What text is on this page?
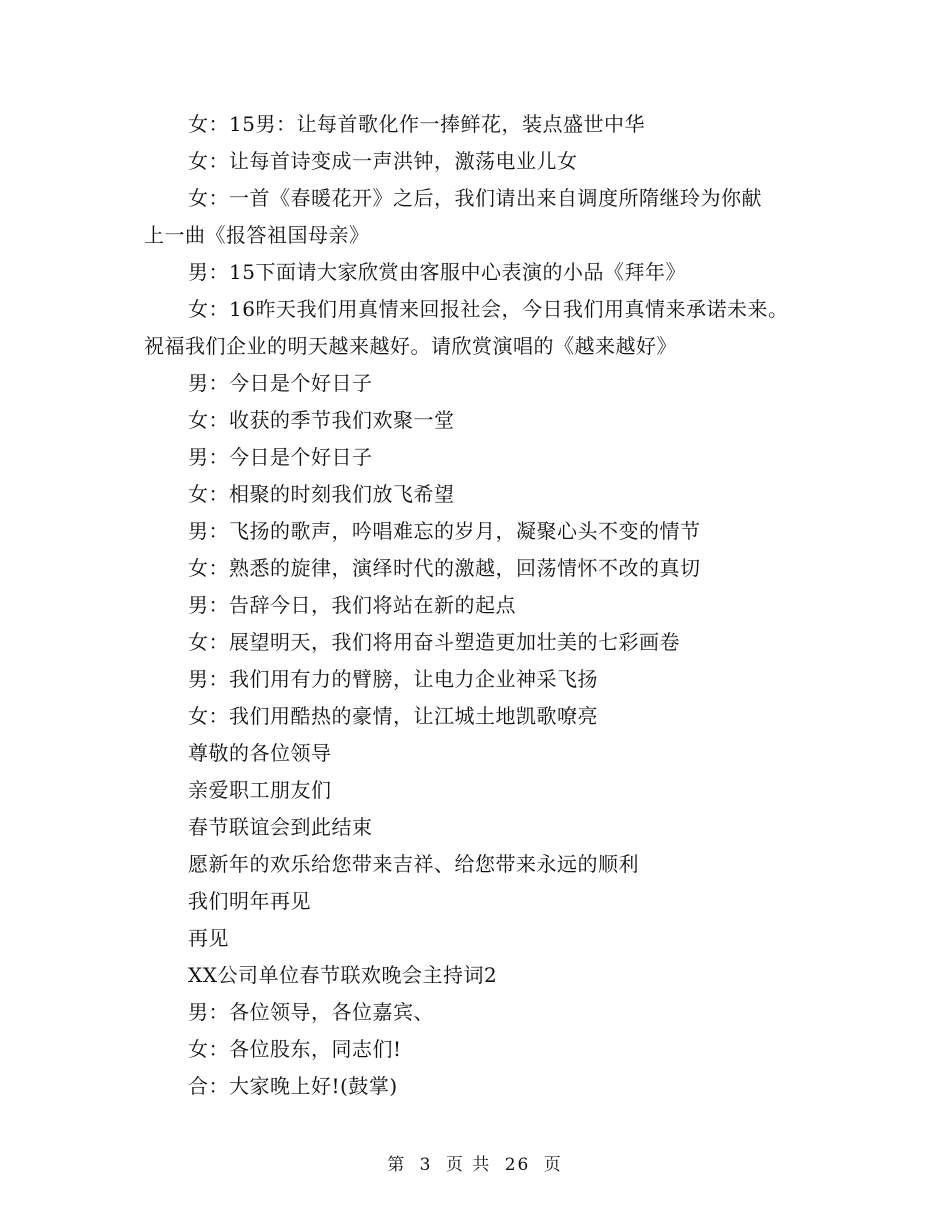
女：15男：让每首歌化作一捧鲜花，装点盛世中华
女：让每首诗变成一声洪钟，激荡电业儿女
女：一首《春暖花开》之后，我们请出来自调度所隋继玲为你献
上一曲《报答祖国母亲》
男：15下面请大家欣赏由客服中心表演的小品《拜年》
女：16昨天我们用真情来回报社会，今日我们用真情来承诺未来。
祝福我们企业的明天越来越好。请欣赏演唱的《越来越好》
男：今日是个好日子
女：收获的季节我们欢聚一堂
男：今日是个好日子
女：相聚的时刻我们放飞希望
男：飞扬的歌声，吟唱难忘的岁月，凝聚心头不变的情节
女：熟悉的旋律，演绎时代的激越，回荡情怀不改的真切
男：告辞今日，我们将站在新的起点
女：展望明天，我们将用奋斗塑造更加壮美的七彩画卷
男：我们用有力的臂膀，让电力企业神采飞扬
女：我们用酷热的豪情，让江城土地凯歌嘹亮
尊敬的各位领导
亲爱职工朋友们
春节联谊会到此结束
愿新年的欢乐给您带来吉祥、给您带来永远的顺利
我们明年再见
再见
XX公司单位春节联欢晚会主持词2
男：各位领导，各位嘉宾、
女：各位股东，同志们!
合：大家晚上好!(鼓掌)
第 3 页 共 26 页
